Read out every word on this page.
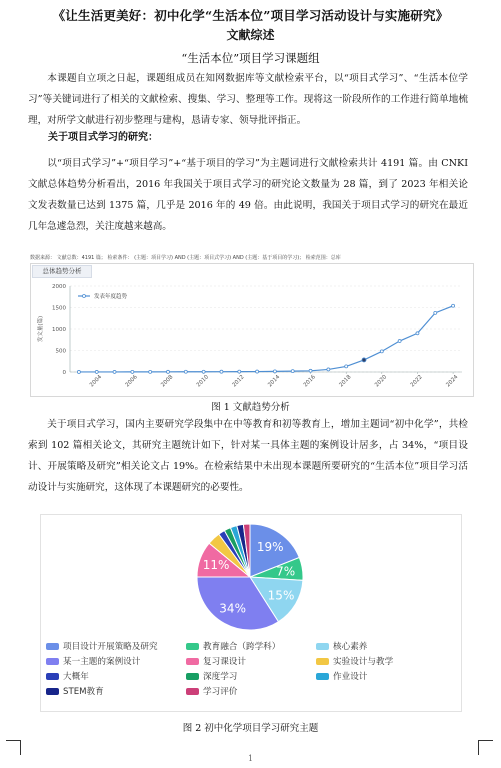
《让生活更美好：初中化学“生活本位”项目学习活动设计与实施研究》
文献综述
“生活本位”项目学习课题组
本课题自立项之日起，课题组成员在知网数据库等文献检索平台，以“项目式学习”、“生活本位学习”等关键词进行了相关的文献检索、搜集、学习、整理等工作。现将这一阶段所作的工作进行简单地梳理，对所学文献进行初步整理与建构，恳请专家、领导批评指正。
关于项目式学习的研究：
以“项目式学习”+“项目学习”+“基于项目的学习”为主题词进行文献检索共计 4191 篇。由 CNKI 文献总体趋势分析看出，2016 年我国关于项目式学习的研究论文数量为 28 篇，到了 2023 年相关论文发表数量已达到 1375 篇，几乎是 2016 年的 49 倍。由此说明，我国关于项目式学习的研究在最近几年急遽急烈，关注度越来越高。
数据来源： 文献总数：4191 篇； 检索条件： (主题：项目学习) AND (主题：项目式学习) AND (主题：基于项目的学习)； 检索范围：总库
总体趋势分析
0
500
1000
1500
2000
发文量(篇)
2004	2006	2008	2010	2012	2014	2016	2018	2020	2022	2024
发表年度趋势
图 1 文献趋势分析
关于项目式学习，国内主要研究学段集中在中等教育和初等教育上，增加主题词“初中化学”，共检索到 102 篇相关论文，其研究主题统计如下，针对某一具体主题的案例设计居多，占 34%，“项目设计、开展策略及研究”相关论文占 19%。在检索结果中未出现本课题所要研究的“生活本位”项目学习活动设计与实施研究，这体现了本课题研究的必要性。
19%
7%
15%
34%
11%
项目设计开展策略及研究	教育融合（跨学科）	核心素养
某一主题的案例设计	复习课设计	实验设计与教学
大概年	深度学习	作业设计
STEM教育	学习评价
图 2 初中化学项目学习研究主题
1
